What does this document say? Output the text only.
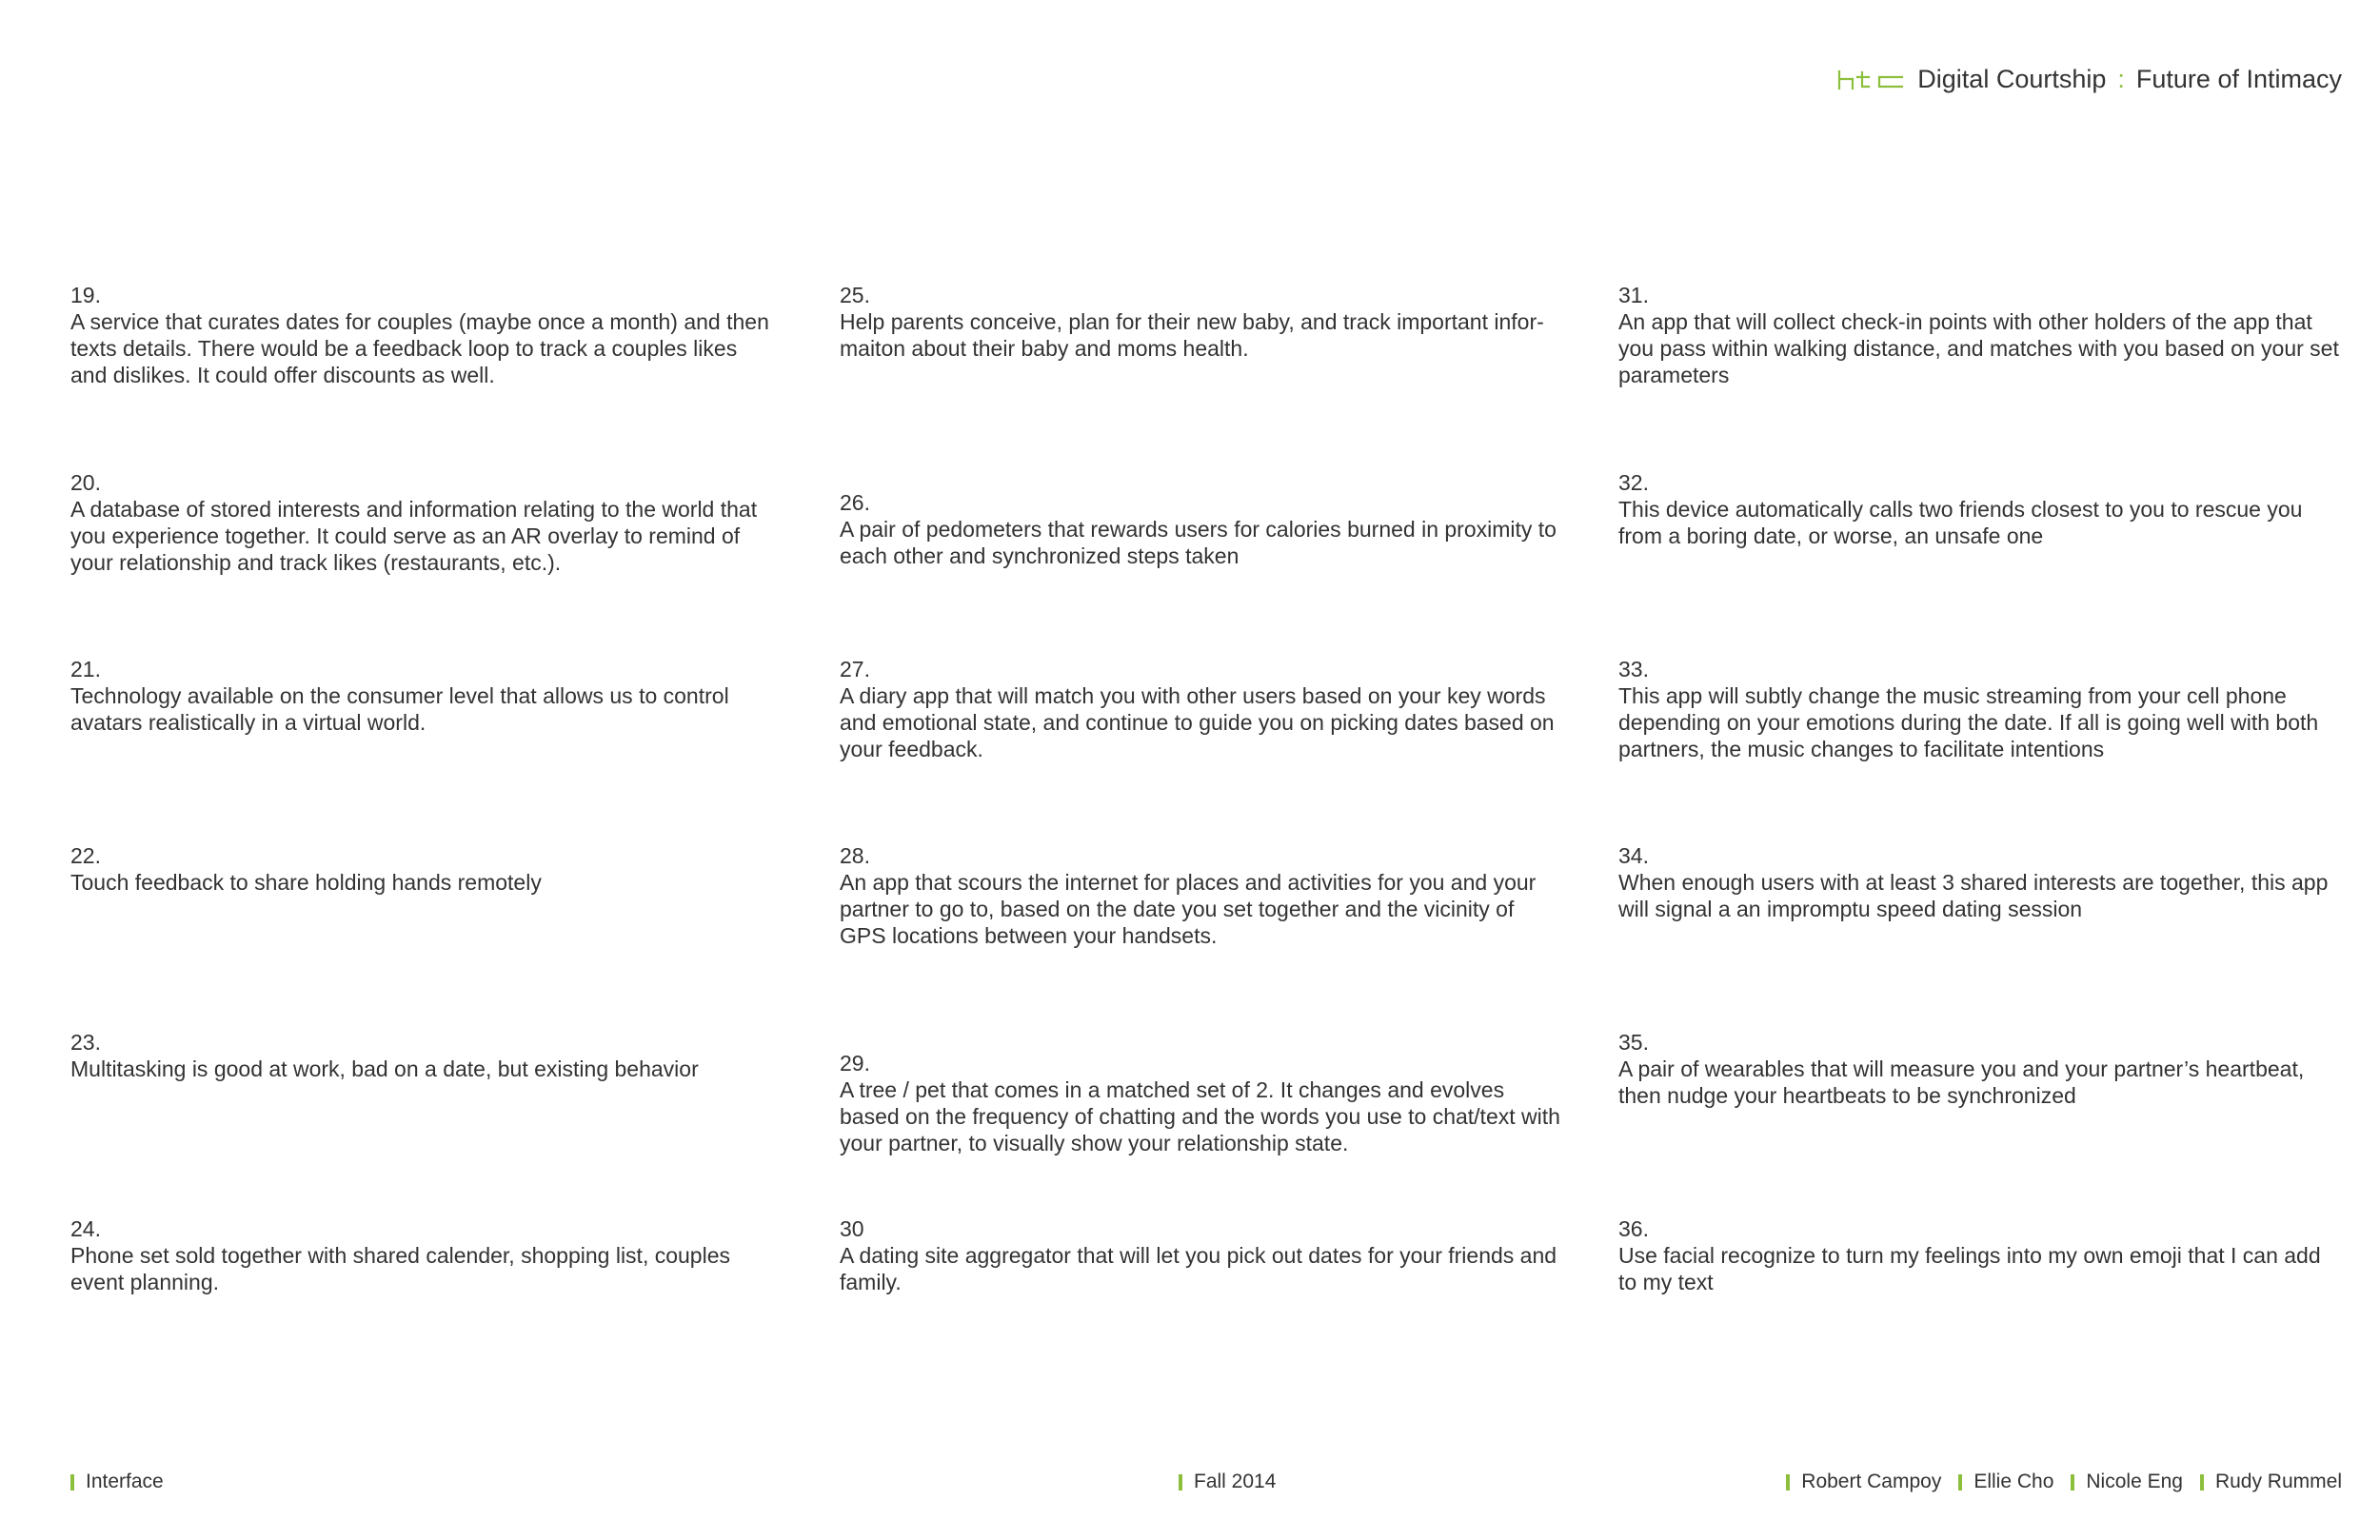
Digital Courtship : Future of Intimacy
19.
A service that curates dates for couples (maybe once a month) and then texts details. There would be a feedback loop to track a couples likes and dislikes. It could offer discounts as well.
20.
A database of stored interests and information relating to the world that you experience together. It could serve as an AR overlay to remind of your relationship and track likes (restaurants, etc.).
21.
Technology available on the consumer level that allows us to control avatars realistically in a virtual world.
22.
Touch feedback to share holding hands remotely
23.
Multitasking is good at work, bad on a date, but existing behavior
24.
Phone set sold together with shared calender, shopping list, couples event planning.
25.
Help parents conceive, plan for their new baby, and track important infor-maiton about their baby and moms health.
26.
A pair of pedometers that rewards users for calories burned in proximity to each other and synchronized steps taken
27.
A diary app that will match you with other users based on your key words and emotional state, and continue to guide you on picking dates based on your feedback.
28.
An app that scours the internet for places and activities for you and your partner to go to, based on the date you set together and the vicinity of GPS locations between your handsets.
29.
A tree / pet that comes in a matched set of 2. It changes and evolves based on the frequency of chatting and the words you use to chat/text with your partner, to visually show your relationship state.
30
A dating site aggregator that will let you pick out dates for your friends and family.
31.
An app that will collect check-in points with other holders of the app that you pass within walking distance, and matches with you based on your set parameters
32.
This device automatically calls two friends closest to you to rescue you from a boring date, or worse, an unsafe one
33.
This app will subtly change the music streaming from your cell phone depending on your emotions during the date. If all is going well with both partners, the music changes to facilitate intentions
34.
When enough users with at least 3 shared interests are together, this app will signal a an impromptu speed dating session
35.
A pair of wearables that will measure you and your partner’s heartbeat, then nudge your heartbeats to be synchronized
36.
Use facial recognize to turn my feelings into my own emoji that I can add to my text
Interface	Fall 2014	Robert Campoy Ellie Cho Nicole Eng Rudy Rummel
